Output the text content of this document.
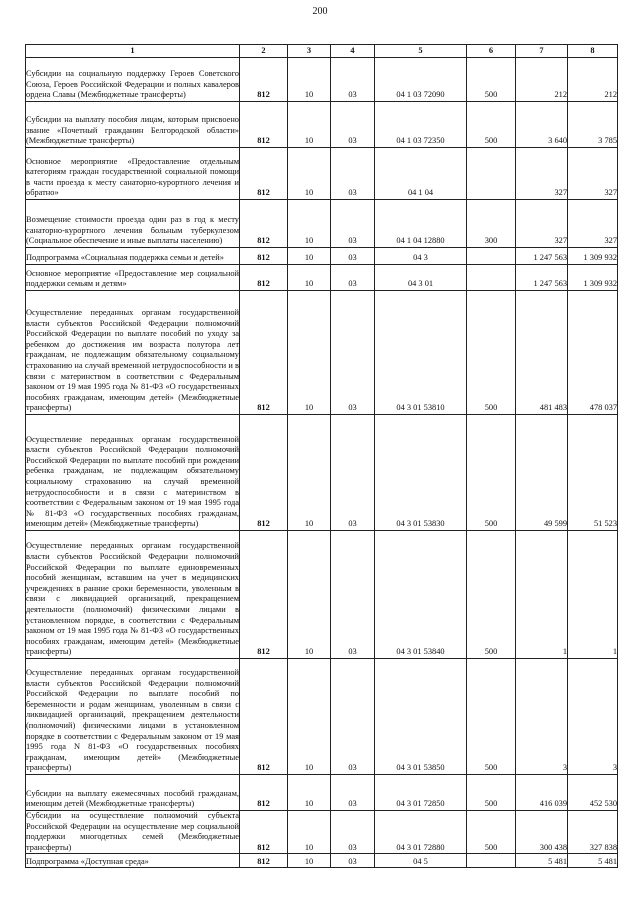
200
1	2	3	4	5	6	7	8
Субсидии на социальную поддержку Героев Советского Союза, Героев Российской Федерации и полных кавалеров ордена Славы (Межбюджетные трансферты)	812	10	03	04 1 03 72090	500	212	212
Субсидии на выплату пособия лицам, которым присвоено звание «Почетный гражданин Белгородской области» (Межбюджетные трансферты)	812	10	03	04 1 03 72350	500	3 640	3 785
Основное мероприятие «Предоставление отдельным категориям граждан государственной социальной помощи в части проезда к месту санаторно-курортного лечения и обратно»	812	10	03	04 1 04		327	327
Возмещение стоимости проезда один раз в год к месту санаторно-курортного лечения больным туберкулезом (Социальное обеспечение и иные выплаты населению)	812	10	03	04 1 04 12880	300	327	327
Подпрограмма «Социальная поддержка семьи и детей»	812	10	03	04 3		1 247 563	1 309 932
Основное мероприятие «Предоставление мер социальной поддержки семьям и детям»	812	10	03	04 3 01		1 247 563	1 309 932
Осуществление переданных органам государственной власти субъектов Российской Федерации полномочий Российской Федерации по выплате пособий по уходу за ребенком до достижения им возраста полутора лет гражданам, не подлежащим обязательному социальному страхованию на случай временной нетрудоспособности и в связи с материнством в соответствии с Федеральным законом от 19 мая 1995 года № 81-ФЗ «О государственных пособиях гражданам, имеющим детей» (Межбюджетные трансферты)	812	10	03	04 3 01 53810	500	481 483	478 037
Осуществление переданных органам государственной власти субъектов Российской Федерации полномочий Российской Федерации по выплате пособий при рождении ребенка гражданам, не подлежащим обязательному социальному страхованию на случай временной нетрудоспособности и в связи с материнством в соответствии с Федеральным законом от 19 мая 1995 года № 81-ФЗ «О государственных пособиях гражданам, имеющим детей» (Межбюджетные трансферты)	812	10	03	04 3 01 53830	500	49 599	51 523
Осуществление переданных органам государственной власти субъектов Российской Федерации полномочий Российской Федерации по выплате единовременных пособий женщинам, вставшим на учет в медицинских учреждениях в ранние сроки беременности, уволенным в связи с ликвидацией организаций, прекращением деятельности (полномочий) физическими лицами в установленном порядке, в соответствии с Федеральным законом от 19 мая 1995 года № 81-ФЗ «О государственных пособиях гражданам, имеющим детей» (Межбюджетные трансферты)	812	10	03	04 3 01 53840	500	1	1
Осуществление переданных органам государственной власти субъектов Российской Федерации полномочий Российской Федерации по выплате пособий по беременности и родам женщинам, уволенным в связи с ликвидацией организаций, прекращением деятельности (полномочий) физическими лицами в установленном порядке в соответствии с Федеральным законом от 19 мая 1995 года N 81-ФЗ «О государственных пособиях гражданам, имеющим детей» (Межбюджетные трансферты)	812	10	03	04 3 01 53850	500	3	3
Субсидии на выплату ежемесячных пособий гражданам, имеющим детей (Межбюджетные трансферты)	812	10	03	04 3 01 72850	500	416 039	452 530
Субсидии на осуществление полномочий субъекта Российской Федерации на осуществление мер социальной поддержки многодетных семей (Межбюджетные трансферты)	812	10	03	04 3 01 72880	500	300 438	327 838
Подпрограмма «Доступная среда»	812	10	03	04 5		5 481	5 481
